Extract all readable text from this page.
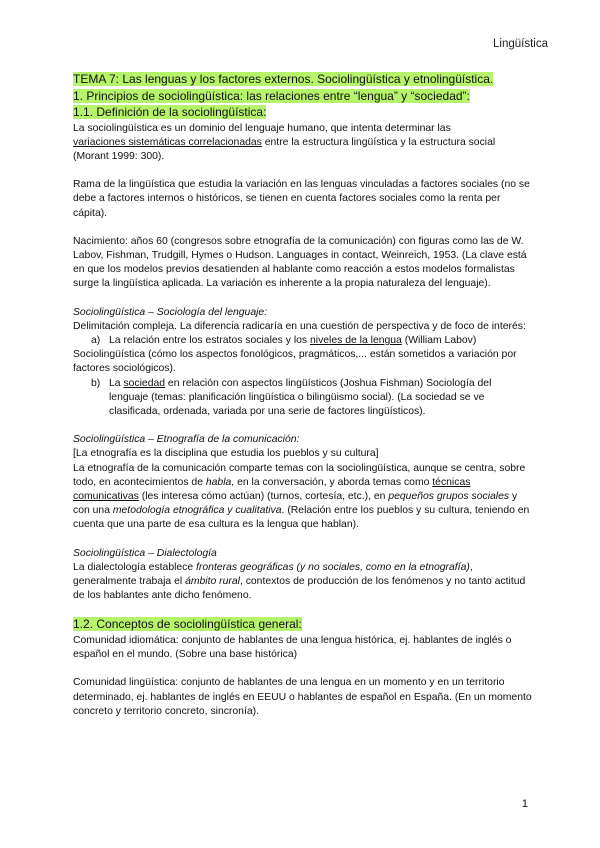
Lingüística

TEMA 7: Las lenguas y los factores externos. Sociolingüística y etnolingüística.

1. Principios de sociolingüística: las relaciones entre “lengua” y “sociedad”:

1.1. Definición de la sociolingüística:

La sociolingüística es un dominio del lenguaje humano, que intenta determinar las
variaciones sistemáticas correlacionadas entre la estructura lingüística y la estructura social
(Morant 1999: 300).

Rama de la lingüística que estudia la variación en las lenguas vinculadas a factores sociales (no se debe a factores internos o históricos, se tienen en cuenta factores sociales como la renta per cápita).

Nacimiento: años 60 (congresos sobre etnografía de la comunicación) con figuras como las de W. Labov, Fishman, Trudgill, Hymes o Hudson. Languages in contact, Weinreich, 1953. (La clave está en que los modelos previos desatienden al hablante como reacción a estos modelos formalistas surge la lingüística aplicada. La variación es inherente a la propia naturaleza del lenguaje).

Sociolingüística – Sociología del lenguaje:

Delimitación compleja. La diferencia radicaría en una cuestión de perspectiva y de foco de interés:

a) La relación entre los estratos sociales y los niveles de la lengua (William Labov)

Sociolingüística (cómo los aspectos fonológicos, pragmáticos,... están sometidos a variación por factores sociológicos).

b) La sociedad en relación con aspectos lingüísticos (Joshua Fishman) Sociología del lenguaje (temas: planificación lingüística o bilingüismo social). (La sociedad se ve clasificada, ordenada, variada por una serie de factores lingüísticos).

Sociolingüística – Etnografía de la comunicación:

[La etnografía es la disciplina que estudia los pueblos y su cultura]

La etnografía de la comunicación comparte temas con la sociolingüística, aunque se centra, sobre todo, en acontecimientos de habla, en la conversación, y aborda temas como técnicas comunicativas (les interesa cómo actúan) (turnos, cortesía, etc.), en pequeños grupos sociales y con una metodología etnográfica y cualitativa. (Relación entre los pueblos y su cultura, teniendo en cuenta que una parte de esa cultura es la lengua que hablan).

Sociolingüística – Dialectología

La dialectología establece fronteras geográficas (y no sociales, como en la etnografía), generalmente trabaja el ámbito rural, contextos de producción de los fenómenos y no tanto actitud de los hablantes ante dicho fenómeno.

1.2. Conceptos de sociolingüística general:

Comunidad idiomática: conjunto de hablantes de una lengua histórica, ej. hablantes de inglés o español en el mundo. (Sobre una base histórica)

Comunidad lingüística: conjunto de hablantes de una lengua en un momento y en un territorio determinado, ej. hablantes de inglés en EEUU o hablantes de español en España. (En un momento concreto y territorio concreto, sincronía).

1
